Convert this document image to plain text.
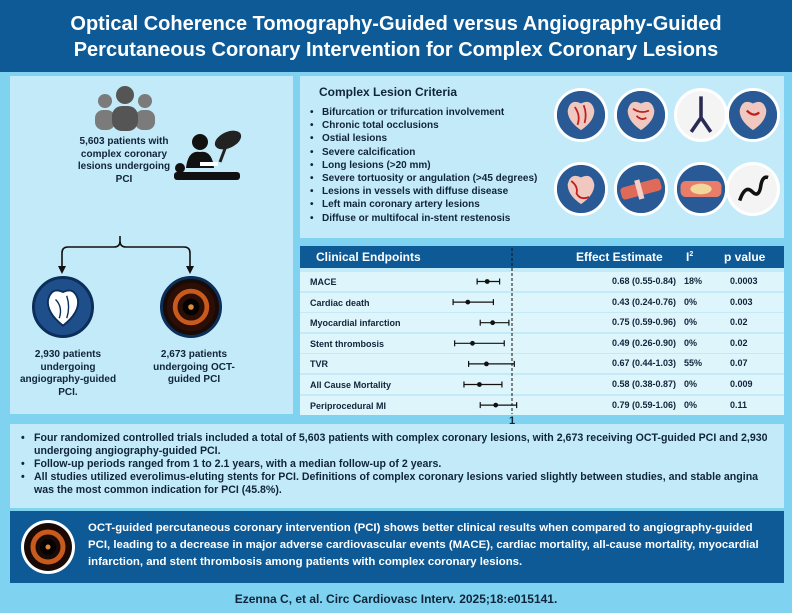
Optical Coherence Tomography-Guided versus Angiography-Guided
Percutaneous Coronary Intervention for Complex Coronary Lesions
5,603 patients with
complex coronary
lesions undergoing
PCI
2,930 patients
undergoing
angiography-guided
PCI.
2,673 patients
undergoing OCT-
guided PCI
Complex Lesion Criteria
• Bifurcation or trifurcation involvement
• Chronic total occlusions
• Ostial lesions
• Severe calcification
• Long lesions (>20 mm)
• Severe tortuosity or angulation (>45 degrees)
• Lesions in vessels with diffuse disease
• Left main coronary artery lesions
• Diffuse or multifocal in-stent restenosis
Clinical Endpoints	Effect Estimate $I^2$	p value
MACE	0.68 (0.55-0.84) 18%	0.0003
Cardiac death	0.43 (0.24-0.76) 0%	0.003
Myocardial infarction	0.75 (0.59-0.96) 0%	0.02
Stent thrombosis	0.49 (0.26-0.90) 0%	0.02
TVR	0.67 (0.44-1.03) 55%	0.07
All Cause Mortality	0.58 (0.38-0.87) 0%	0.009
Periprocedural MI	0.79 (0.59-1.06) 0%	0.11
• Four randomized controlled trials included a total of 5,603 patients with complex coronary lesions, with 2,673 receiving OCT-guided PCI and 2,930 undergoing angiography-guided PCI.
• Follow-up periods ranged from 1 to 2.1 years, with a median follow-up of 2 years.
• All studies utilized everolimus-eluting stents for PCI. Definitions of complex coronary lesions varied slightly between studies, and stable angina was the most common indication for PCI (45.8%).
OCT-guided percutaneous coronary intervention (PCI) shows better clinical results when compared to angiography-guided PCI, leading to a decrease in major adverse cardiovascular events (MACE), cardiac mortality, all-cause mortality, myocardial infarction, and stent thrombosis among patients with complex coronary lesions.
Ezenna C, et al. Circ Cardiovasc Interv. 2025;18:e015141.
1
